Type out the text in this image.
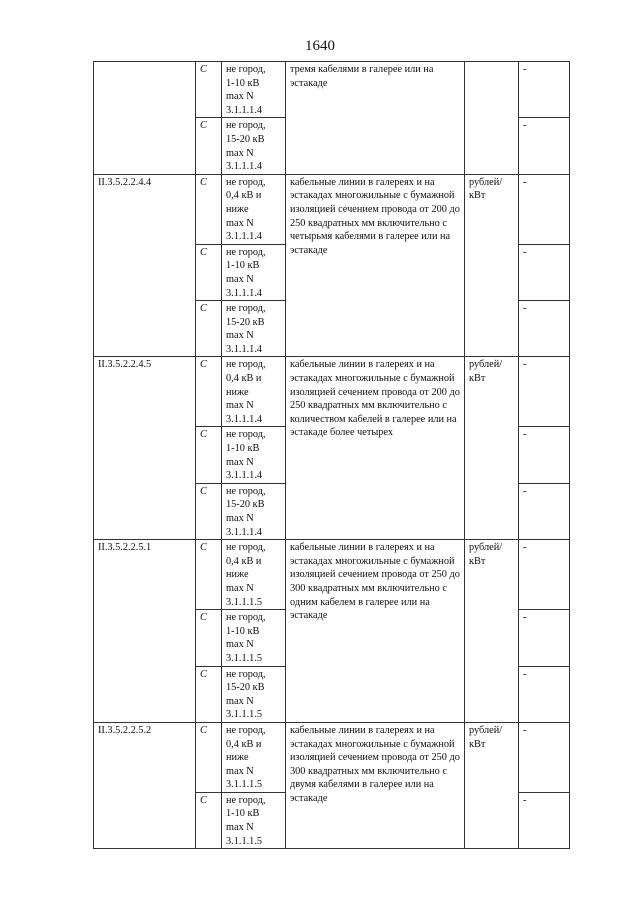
1640
	С	не город,
1-10 кВ
max N
3.1.1.1.4	тремя кабелями в галерее или на эстакаде		-
	С	не город,
15-20 кВ
max N
3.1.1.1.4			-
II.3.5.2.2.4.4	С	не город,
0,4 кВ и
ниже
max N
3.1.1.1.4	кабельные линии в галереях и на эстакадах многожильные с бумажной изоляцией сечением провода от 200 до 250 квадратных мм включительно с четырьмя кабелями в галерее или на эстакаде	рублей/ кВт	-
	С	не город,
1-10 кВ
max N
3.1.1.1.4			-
	С	не город,
15-20 кВ
max N
3.1.1.1.4			-
II.3.5.2.2.4.5	С	не город,
0,4 кВ и
ниже
max N
3.1.1.1.4	кабельные линии в галереях и на эстакадах многожильные с бумажной изоляцией сечением провода от 200 до 250 квадратных мм включительно с количеством кабелей в галерее или на эстакаде более четырех	рублей/ кВт	-
	С	не город,
1-10 кВ
max N
3.1.1.1.4			-
	С	не город,
15-20 кВ
max N
3.1.1.1.4			-
II.3.5.2.2.5.1	С	не город,
0,4 кВ и
ниже
max N
3.1.1.1.5	кабельные линии в галереях и на эстакадах многожильные с бумажной изоляцией сечением провода от 250 до 300 квадратных мм включительно с одним кабелем в галерее или на эстакаде	рублей/ кВт	-
	С	не город,
1-10 кВ
max N
3.1.1.1.5			-
	С	не город,
15-20 кВ
max N
3.1.1.1.5			-
II.3.5.2.2.5.2	С	не город,
0,4 кВ и
ниже
max N
3.1.1.1.5	кабельные линии в галереях и на эстакадах многожильные с бумажной изоляцией сечением провода от 250 до 300 квадратных мм включительно с двумя кабелями в галерее или на эстакаде	рублей/ кВт	-
	С	не город,
1-10 кВ
max N
3.1.1.1.5			-
